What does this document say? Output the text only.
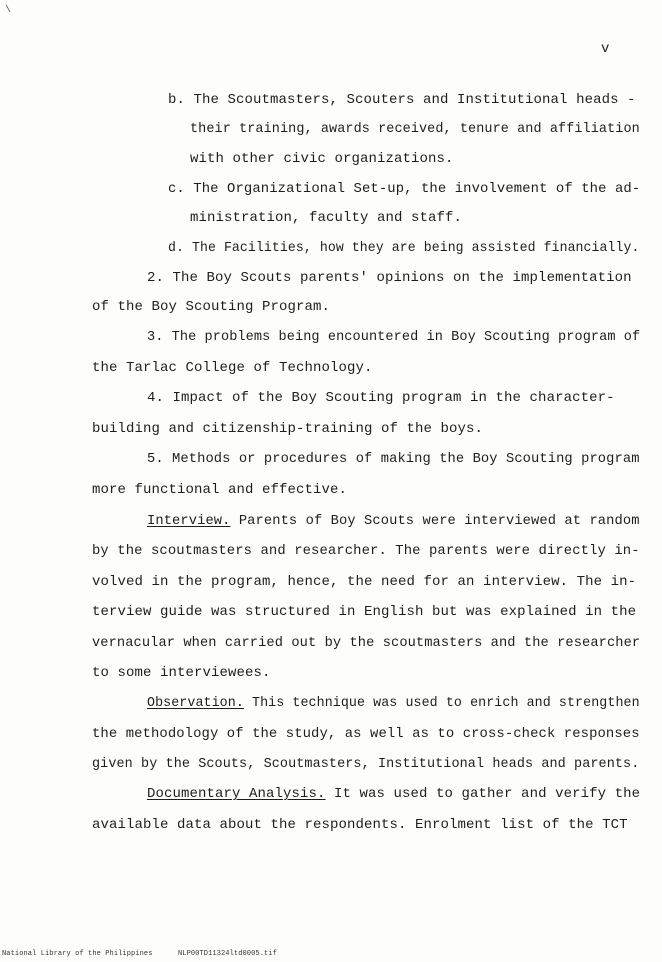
\
v
b. The Scoutmasters, Scouters and Institutional heads -
their training, awards received, tenure and affiliation
with other civic organizations.
c. The Organizational Set-up, the involvement of the ad-
ministration, faculty and staff.
d. The Facilities, how they are being assisted financially.
2. The Boy Scouts parents' opinions on the implementation
of the Boy Scouting Program.
3. The problems being encountered in Boy Scouting program of
the Tarlac College of Technology.
4. Impact of the Boy Scouting program in the character-
building and citizenship-training of the boys.
5. Methods or procedures of making the Boy Scouting program
more functional and effective.
Interview. Parents of Boy Scouts were interviewed at random
by the scoutmasters and researcher. The parents were directly in-
volved in the program, hence, the need for an interview. The in-
terview guide was structured in English but was explained in the
vernacular when carried out by the scoutmasters and the researcher
to some interviewees.
Observation. This technique was used to enrich and strengthen
the methodology of the study, as well as to cross-check responses
given by the Scouts, Scoutmasters, Institutional heads and parents.
Documentary Analysis. It was used to gather and verify the
available data about the respondents. Enrolment list of the TCT
National Library of the Philippines	NLP00TD11324ltd0005.tif
